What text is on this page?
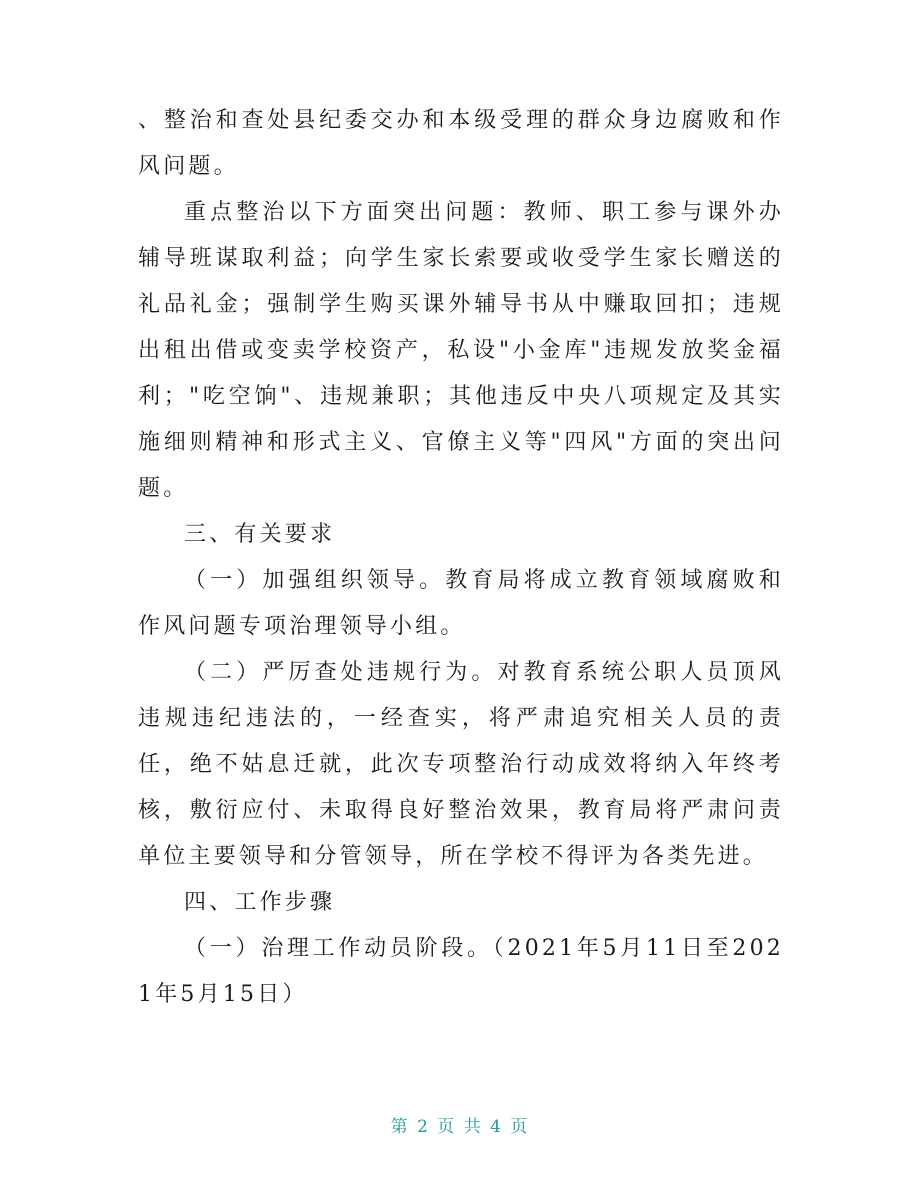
、整治和查处县纪委交办和本级受理的群众身边腐败和作风问题。

重点整治以下方面突出问题：教师、职工参与课外办辅导班谋取利益；向学生家长索要或收受学生家长赠送的礼品礼金；强制学生购买课外辅导书从中赚取回扣；违规出租出借或变卖学校资产，私设"小金库"违规发放奖金福利；"吃空饷"、违规兼职；其他违反中央八项规定及其实施细则精神和形式主义、官僚主义等"四风"方面的突出问题。

三、有关要求

（一）加强组织领导。教育局将成立教育领域腐败和作风问题专项治理领导小组。

（二）严厉查处违规行为。对教育系统公职人员顶风违规违纪违法的，一经查实，将严肃追究相关人员的责任，绝不姑息迁就，此次专项整治行动成效将纳入年终考核，敷衍应付、未取得良好整治效果，教育局将严肃问责单位主要领导和分管领导，所在学校不得评为各类先进。

四、工作步骤

（一）治理工作动员阶段。（2021年5月11日至2021年5月15日）

第 2 页 共 4 页
